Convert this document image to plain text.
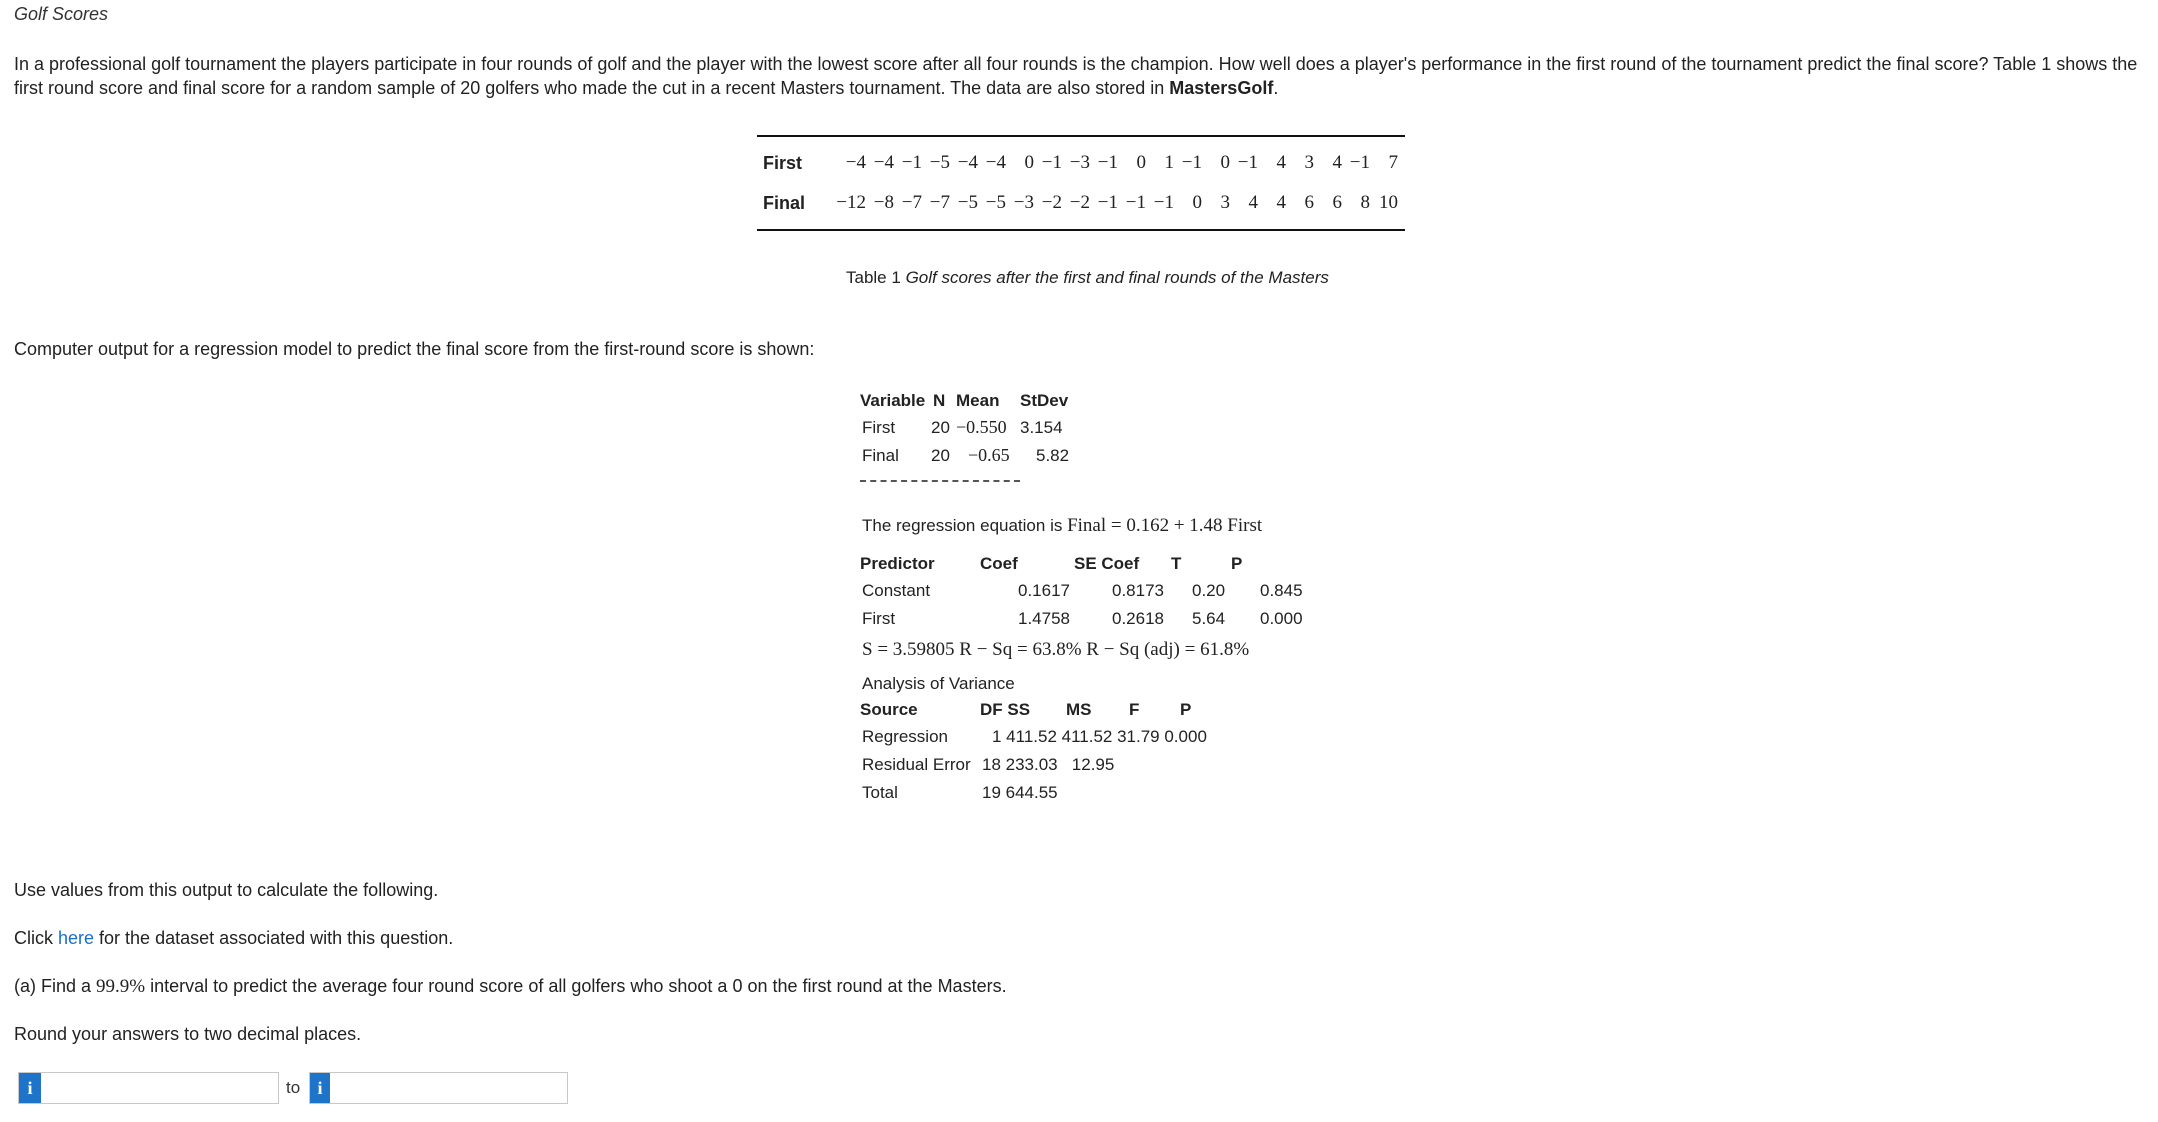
Golf Scores
In a professional golf tournament the players participate in four rounds of golf and the player with the lowest score after all four rounds is the champion. How well does a player's performance in the first round of the tournament predict the final score? Table 1 shows the first round score and final score for a random sample of 20 golfers who made the cut in a recent Masters tournament. The data are also stored in MastersGolf.
First	−4 −4 −1 −5 −4 −4 0 −1 −3 −1 0 1 −1 0 −1 4 3 4 −1 7
Final	−12 −8 −7 −7 −5 −5 −3 −2 −2 −1 −1 −1 0 3 4 4 6 6 8 10
Table 1 Golf scores after the first and final rounds of the Masters
Computer output for a regression model to predict the final score from the first-round score is shown:
Variable N Mean StDev
First 20 −0.550 3.154
Final 20 −0.65 5.82
The regression equation is Final = 0.162 + 1.48 First
Predictor	Coef	SE Coef T	P
Constant	0.1617 0.8173 0.20 0.845
First	1.4758 0.2618 5.64 0.000
S = 3.59805 R − Sq = 63.8% R − Sq (adj) = 61.8%
Analysis of Variance
Source	DF SS MS F P
Regression	1 411.52 411.52 31.79 0.000
Residual Error 18 233.03   12.95
Total	19 644.55
Use values from this output to calculate the following.
Click here for the dataset associated with this question.
(a) Find a 99.9% interval to predict the average four round score of all golfers who shoot a 0 on the first round at the Masters.
Round your answers to two decimal places.
i	to i
